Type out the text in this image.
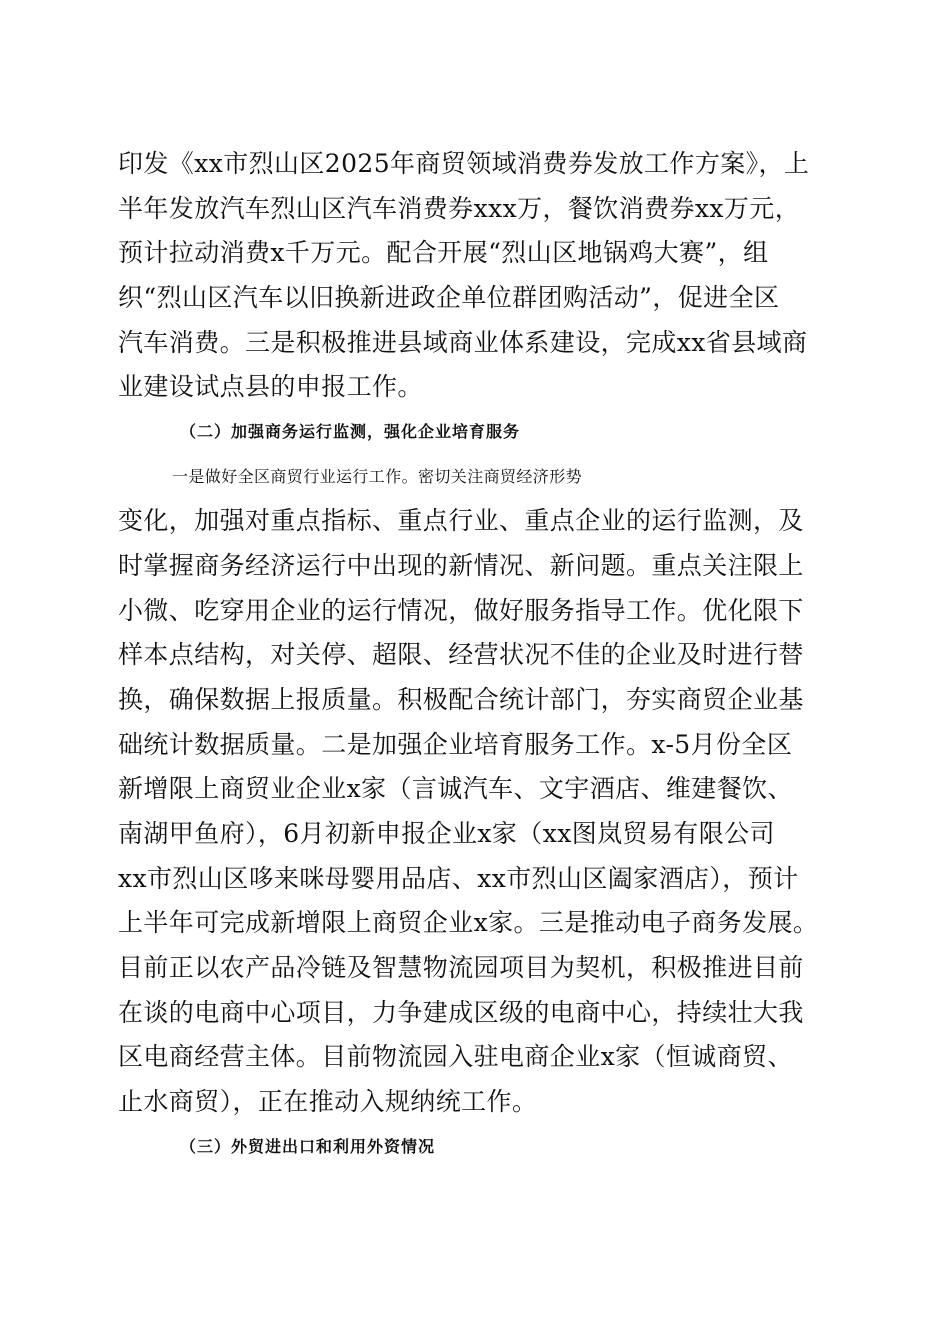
印发《xx市烈山区2025年商贸领域消费券发放工作方案》，上
半年发放汽车烈山区汽车消费券xxx万，餐饮消费券xx万元，
预计拉动消费x千万元。配合开展“烈山区地锅鸡大赛”，组
织“烈山区汽车以旧换新进政企单位群团购活动”，促进全区
汽车消费。三是积极推进县域商业体系建设，完成xx省县域商
业建设试点县的申报工作。
（二）加强商务运行监测，强化企业培育服务
一是做好全区商贸行业运行工作。密切关注商贸经济形势
变化，加强对重点指标、重点行业、重点企业的运行监测，及
时掌握商务经济运行中出现的新情况、新问题。重点关注限上
小微、吃穿用企业的运行情况，做好服务指导工作。优化限下
样本点结构，对关停、超限、经营状况不佳的企业及时进行替
换，确保数据上报质量。积极配合统计部门，夯实商贸企业基
础统计数据质量。二是加强企业培育服务工作。x-5月份全区
新增限上商贸业企业x家（言诚汽车、文宇酒店、维建餐饮、
南湖甲鱼府），6月初新申报企业x家（xx图岚贸易有限公司
xx市烈山区哆来咪母婴用品店、xx市烈山区阖家酒店），预计
上半年可完成新增限上商贸企业x家。三是推动电子商务发展。
目前正以农产品冷链及智慧物流园项目为契机，积极推进目前
在谈的电商中心项目，力争建成区级的电商中心，持续壮大我
区电商经营主体。目前物流园入驻电商企业x家（恒诚商贸、
止水商贸），正在推动入规纳统工作。
（三）外贸进出口和利用外资情况
